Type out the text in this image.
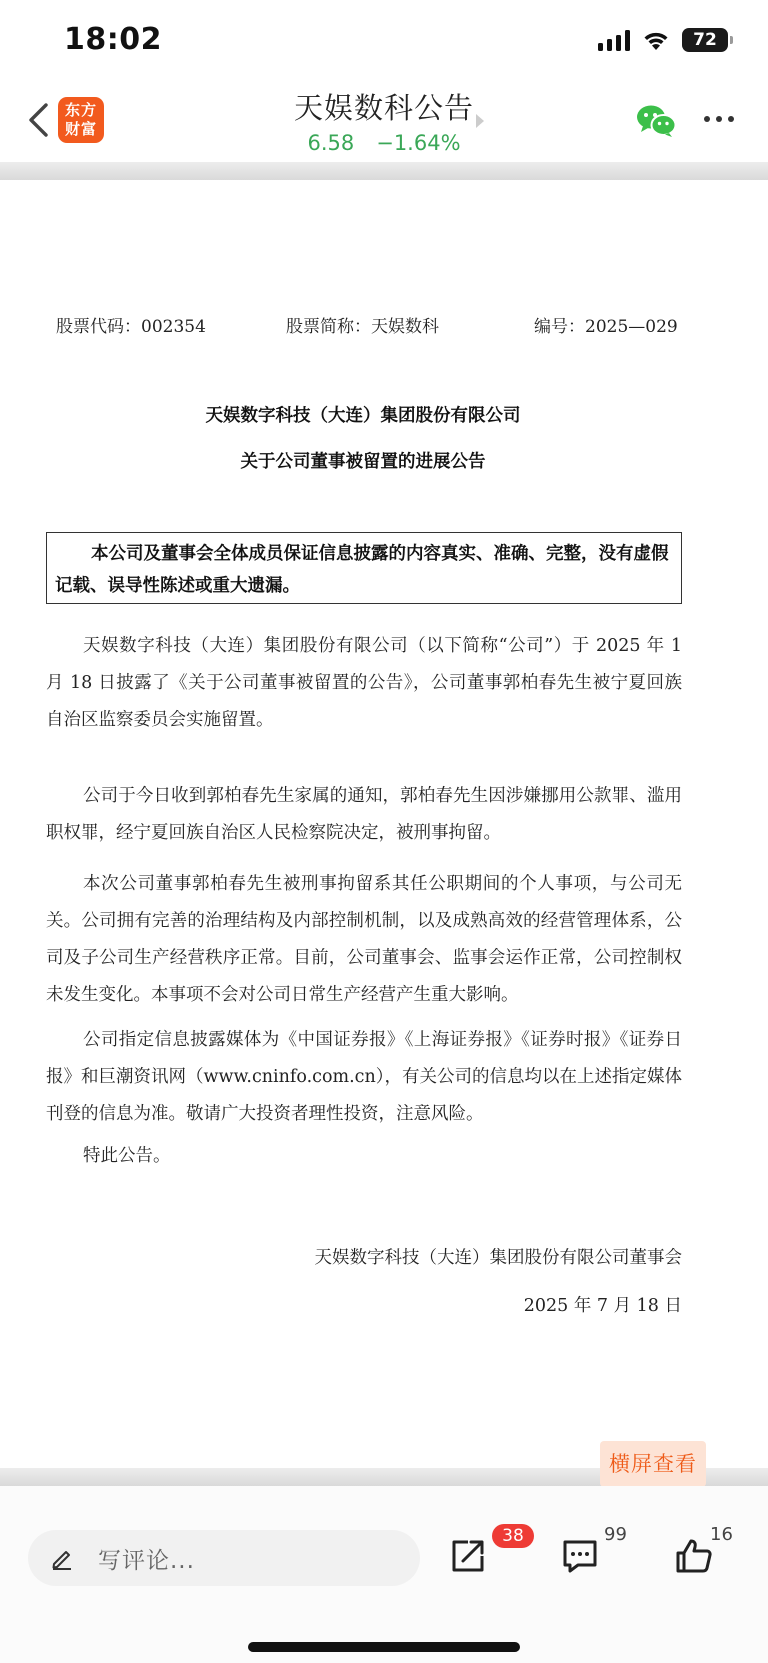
18:02	72
东方
财富
天娱数科公告
6.58 −1.64%
股票代码：002354	股票简称：天娱数科	编号：2025—029
天娱数字科技（大连）集团股份有限公司
关于公司董事被留置的进展公告
本公司及董事会全体成员保证信息披露的内容真实、准确、完整，没有虚假记载、误导性陈述或重大遗漏。
天娱数字科技（大连）集团股份有限公司（以下简称“公司”）于 2025 年 1 月 18 日披露了《关于公司董事被留置的公告》，公司董事郭柏春先生被宁夏回族自治区监察委员会实施留置。
公司于今日收到郭柏春先生家属的通知，郭柏春先生因涉嫌挪用公款罪、滥用职权罪，经宁夏回族自治区人民检察院决定，被刑事拘留。
本次公司董事郭柏春先生被刑事拘留系其任公职期间的个人事项，与公司无关。公司拥有完善的治理结构及内部控制机制，以及成熟高效的经营管理体系，公司及子公司生产经营秩序正常。目前，公司董事会、监事会运作正常，公司控制权未发生变化。本事项不会对公司日常生产经营产生重大影响。
公司指定信息披露媒体为《中国证券报》《上海证券报》《证券时报》《证券日报》和巨潮资讯网（www.cninfo.com.cn），有关公司的信息均以在上述指定媒体刊登的信息为准。敬请广大投资者理性投资，注意风险。
特此公告。
天娱数字科技（大连）集团股份有限公司董事会
2025 年 7 月 18 日
横屏查看
写评论...
38	99	16
